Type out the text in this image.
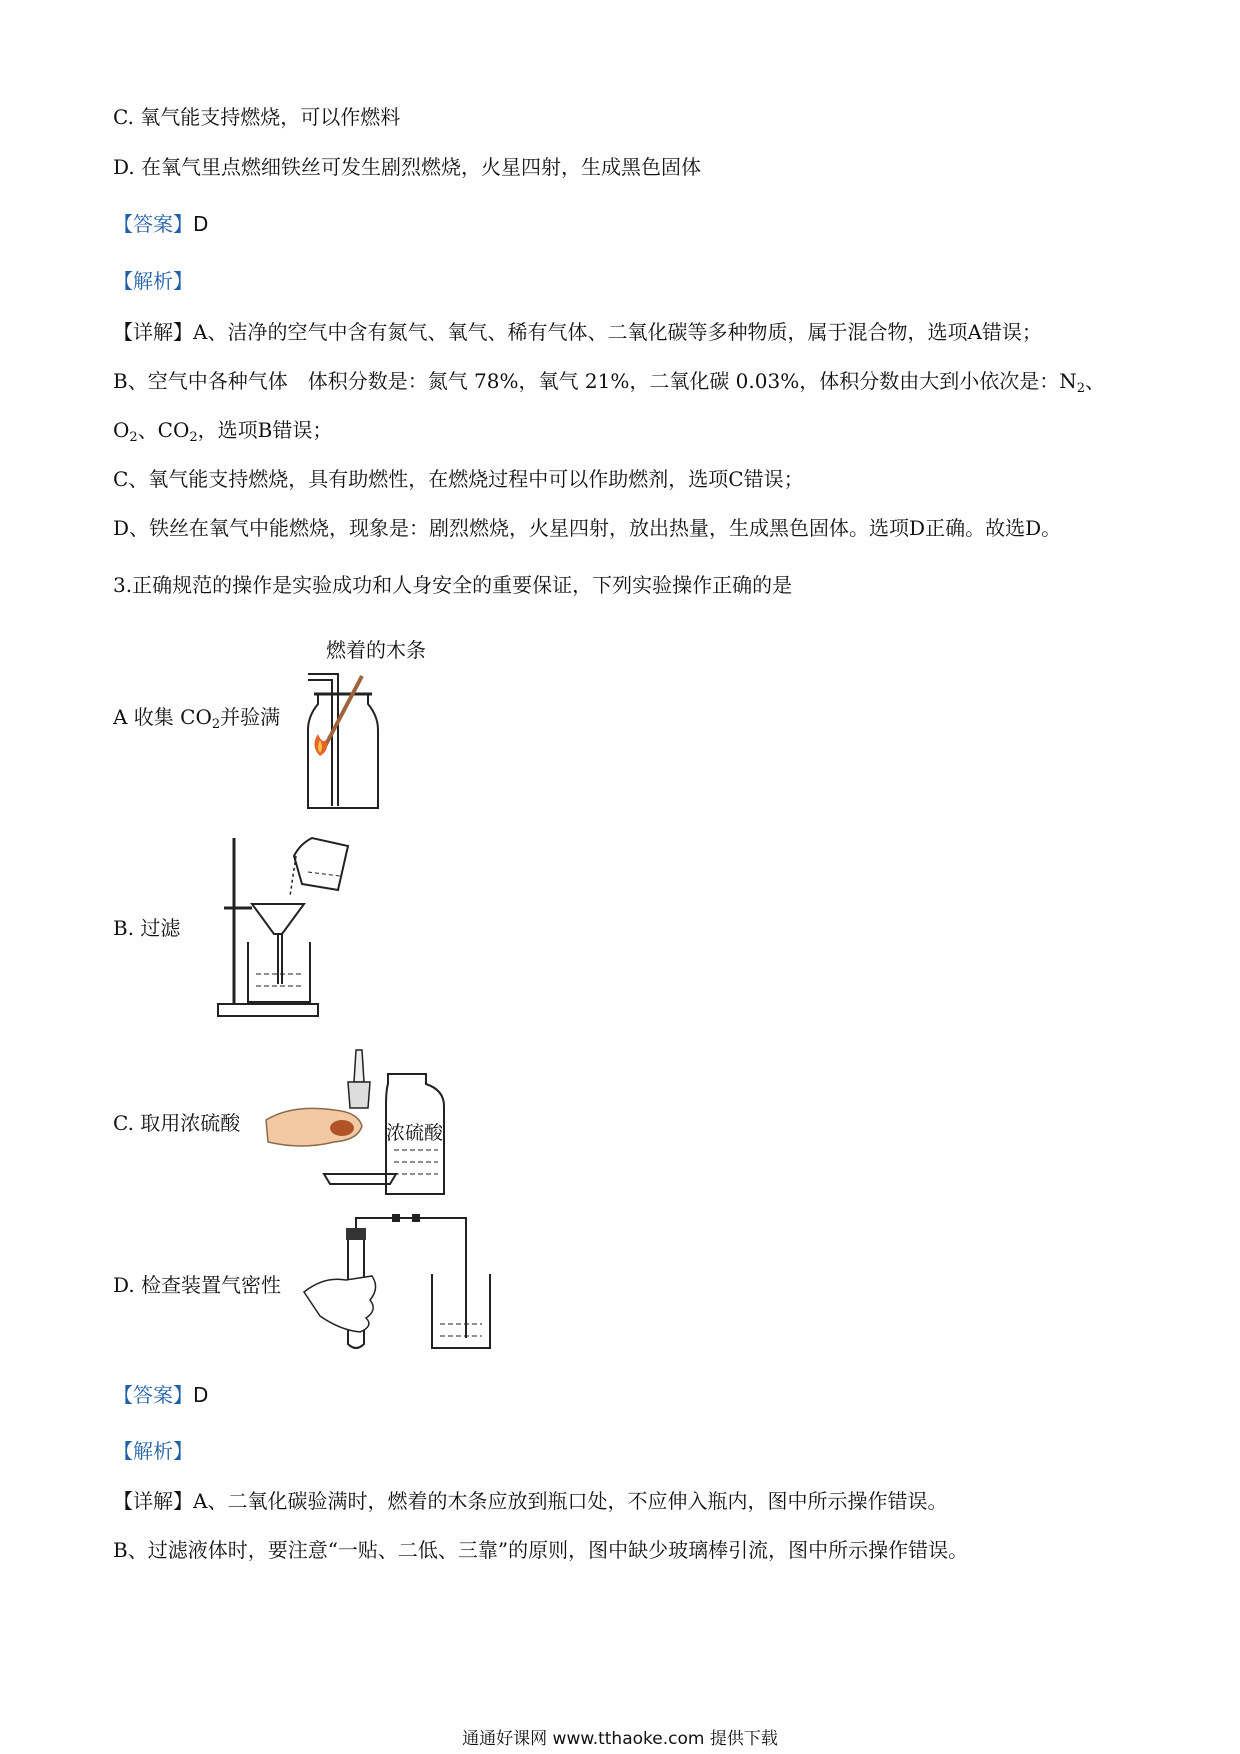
C. 氧气能支持燃烧，可以作燃料
D. 在氧气里点燃细铁丝可发生剧烈燃烧，火星四射，生成黑色固体
【答案】D
【解析】
【详解】A、洁净的空气中含有氮气、氧气、稀有气体、二氧化碳等多种物质，属于混合物，选项A错误；
B、空气中各种气体　体积分数是：氮气 78%，氧气 21%，二氧化碳 0.03%，体积分数由大到小依次是：$N_2$、
$O_2$、$CO_2$，选项B错误；
C、氧气能支持燃烧，具有助燃性，在燃烧过程中可以作助燃剂，选项C错误；
D、铁丝在氧气中能燃烧，现象是：剧烈燃烧，火星四射，放出热量，生成黑色固体。选项D正确。故选D。
3.正确规范的操作是实验成功和人身安全的重要保证，下列实验操作正确的是
A 收集 $CO_2$并验满
燃着的木条
B. 过滤
C. 取用浓硫酸	浓硫酸
D. 检查装置气密性
【答案】D
【解析】
【详解】A、二氧化碳验满时，燃着的木条应放到瓶口处，不应伸入瓶内，图中所示操作错误。
B、过滤液体时，要注意“一贴、二低、三靠”的原则，图中缺少玻璃棒引流，图中所示操作错误。
通通好课网 www.tthaoke.com 提供下载
